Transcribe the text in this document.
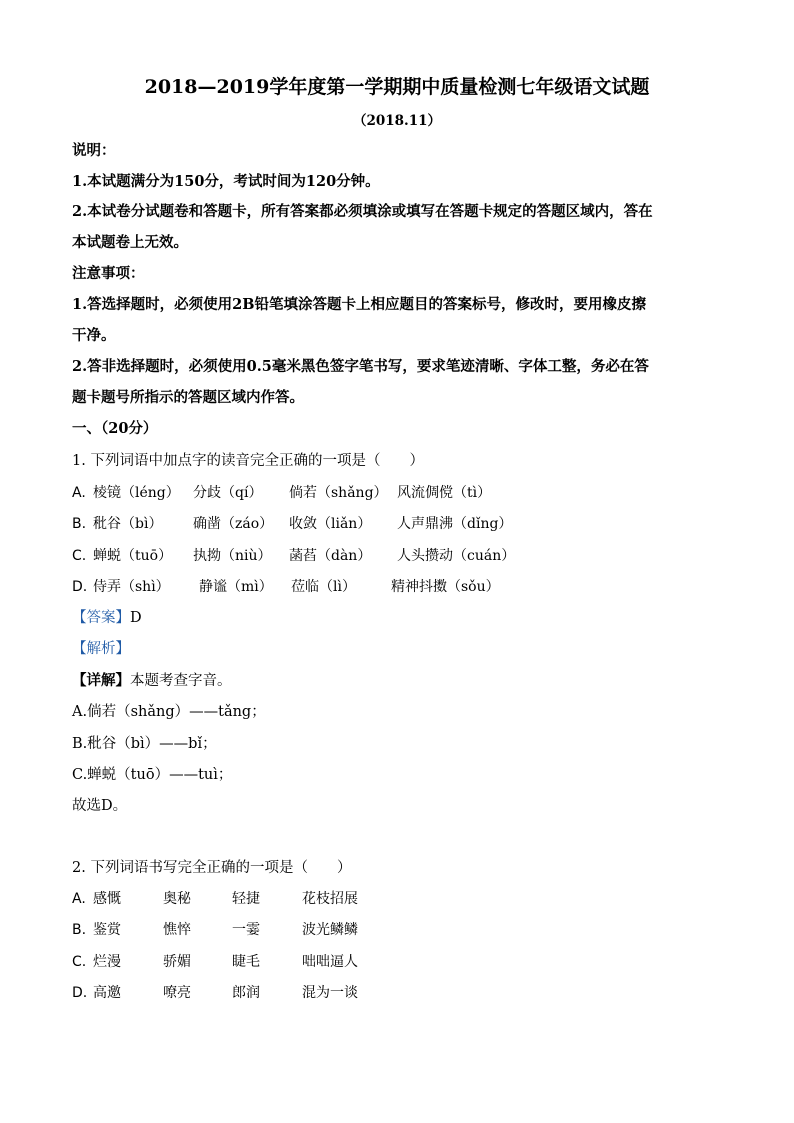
2018—2019学年度第一学期期中质量检测七年级语文试题
（2018.11）
说明：
1.本试题满分为150分，考试时间为120分钟。
2.本试卷分试题卷和答题卡，所有答案都必须填涂或填写在答题卡规定的答题区域内，答在
本试题卷上无效。
注意事项：
1.答选择题时，必须使用2B铅笔填涂答题卡上相应题目的答案标号，修改时，要用橡皮擦
干净。
2.答非选择题时，必须使用0.5毫米黑色签字笔书写，要求笔迹清晰、字体工整，务必在答
题卡题号所指示的答题区域内作答。
一、（20分）
1. 下列词语中加点字的读音完全正确的一项是（　　）
A. 棱镜（léng） 分歧（qí） 倘若（shǎng） 风流倜傥（tì）
B. 秕谷（bì） 确凿（záo） 收敛（liǎn） 人声鼎沸（dǐng）
C. 蝉蜕（tuō） 执拗（niù） 菡萏（dàn） 人头攒动（cuán）
D. 侍弄（shì） 静谧（mì） 莅临（lì）	精神抖擞（sǒu）
【答案】D
【解析】
【详解】本题考查字音。
A.倘若（shǎng）——tǎng；
B.秕谷（bì）——bǐ；
C.蝉蜕（tuō）——tuì；
故选D。
2. 下列词语书写完全正确的一项是（　　）
A. 感慨	奥秘	轻捷	花枝招展
B. 鉴赏	憔悴	一霎	波光鳞鳞
C. 烂漫	骄媚	睫毛	咄咄逼人
D. 高邀	嘹亮	郎润	混为一谈
